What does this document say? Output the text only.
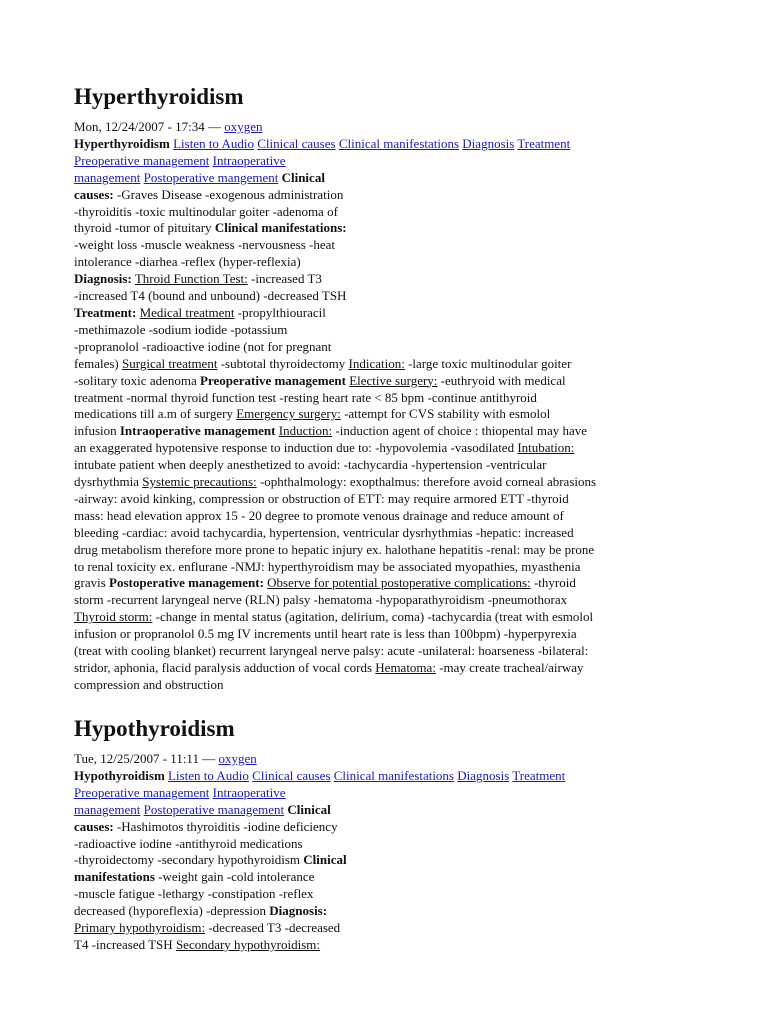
Hyperthyroidism
Mon, 12/24/2007 - 17:34 — oxygen
Hyperthyroidism Listen to Audio Clinical causes Clinical manifestations Diagnosis Treatment
Preoperative management Intraoperative
management Postoperative mangement Clinical
causes: -Graves Disease -exogenous administration
-thyroiditis -toxic multinodular goiter -adenoma of
thyroid -tumor of pituitary Clinical manifestations:
-weight loss -muscle weakness -nervousness -heat
intolerance -diarhea -reflex (hyper-reflexia)
Diagnosis: Throid Function Test: -increased T3
-increased T4 (bound and unbound) -decreased TSH
Treatment: Medical treatment -propylthiouracil
-methimazole -sodium iodide -potassium
-propranolol -radioactive iodine (not for pregnant
females) Surgical treatment -subtotal thyroidectomy Indication: -large toxic multinodular goiter
-solitary toxic adenoma Preoperative management Elective surgery: -euthryoid with medical
treatment -normal thyroid function test -resting heart rate < 85 bpm -continue antithyroid
medications till a.m of surgery Emergency surgery: -attempt for CVS stability with esmolol
infusion Intraoperative management Induction: -induction agent of choice : thiopental may have
an exaggerated hypotensive response to induction due to: -hypovolemia -vasodilated Intubation:
intubate patient when deeply anesthetized to avoid: -tachycardia -hypertension -ventricular
dysrhythmia Systemic precautions: -ophthalmology: exopthalmus: therefore avoid corneal abrasions
-airway: avoid kinking, compression or obstruction of ETT: may require armored ETT -thyroid
mass: head elevation approx 15 - 20 degree to promote venous drainage and reduce amount of
bleeding -cardiac: avoid tachycardia, hypertension, ventricular dysrhythmias -hepatic: increased
drug metabolism therefore more prone to hepatic injury ex. halothane hepatitis -renal: may be prone
to renal toxicity ex. enflurane -NMJ: hyperthyroidism may be associated myopathies, myasthenia
gravis Postoperative management: Observe for potential postoperative complications: -thyroid
storm -recurrent laryngeal nerve (RLN) palsy -hematoma -hypoparathyroidism -pneumothorax
Thyroid storm: -change in mental status (agitation, delirium, coma) -tachycardia (treat with esmolol
infusion or propranolol 0.5 mg IV increments until heart rate is less than 100bpm) -hyperpyrexia
(treat with cooling blanket) recurrent laryngeal nerve palsy: acute -unilateral: hoarseness -bilateral:
stridor, aphonia, flacid paralysis adduction of vocal cords Hematoma: -may create tracheal/airway
compression and obstruction
Hypothyroidism
Tue, 12/25/2007 - 11:11 — oxygen
Hypothyroidism Listen to Audio Clinical causes Clinical manifestations Diagnosis Treatment
Preoperative management Intraoperative
management Postoperative management Clinical
causes: -Hashimotos thyroiditis -iodine deficiency
-radioactive iodine -antithyroid medications
-thyroidectomy -secondary hypothyroidism Clinical
manifestations -weight gain -cold intolerance
-muscle fatigue -lethargy -constipation -reflex
decreased (hyporeflexia) -depression Diagnosis:
Primary hypothyroidism: -decreased T3 -decreased
T4 -increased TSH Secondary hypothyroidism:
